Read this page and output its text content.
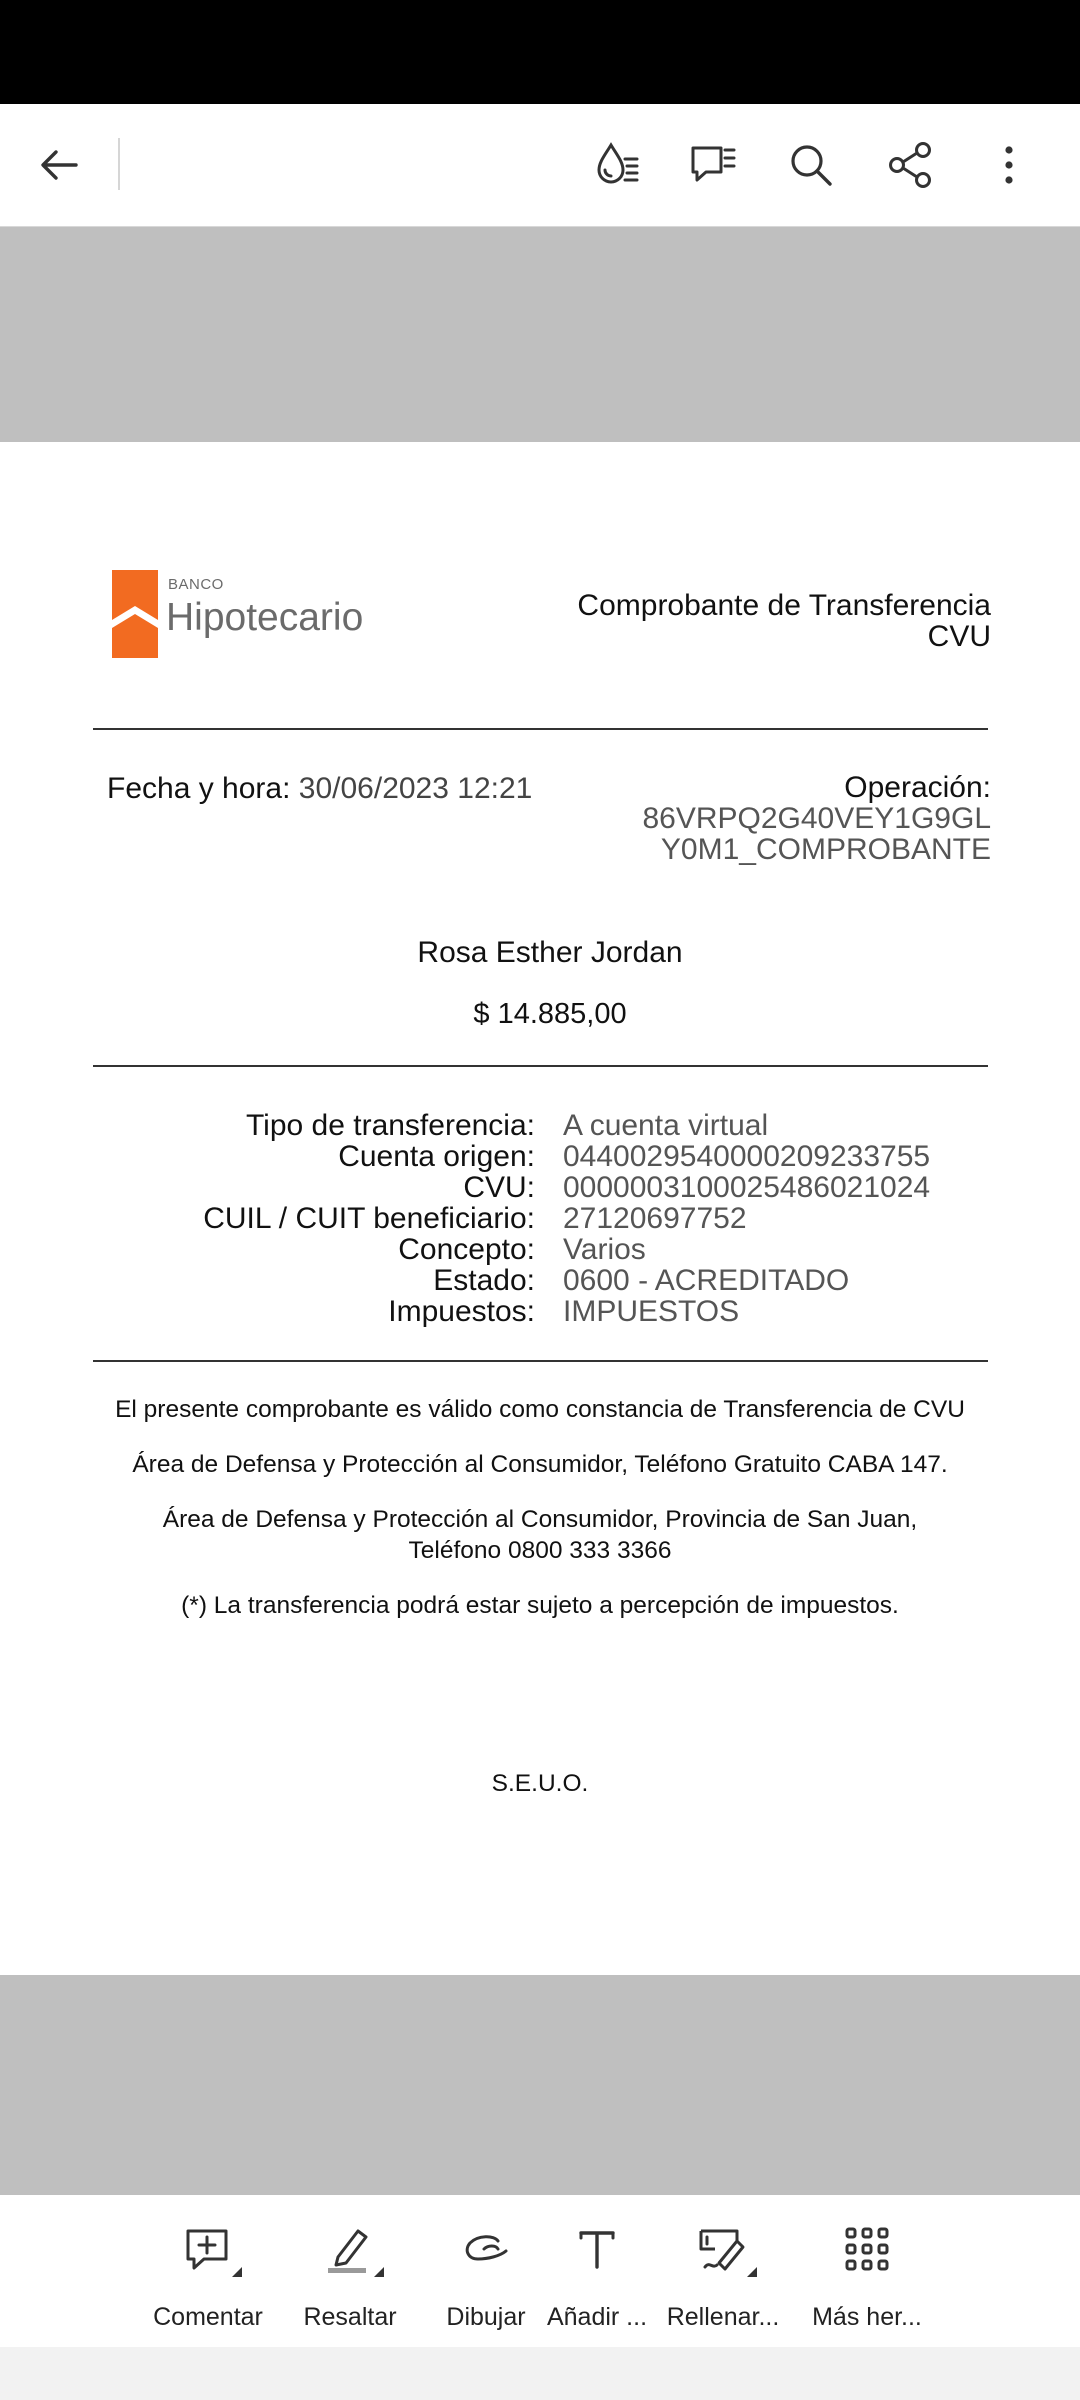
BANCO
Hipotecario	Comprobante de Transferencia
CVU
Fecha y hora: 30/06/2023 12:21	Operación:
86VRPQ2G40VEY1G9GL
Y0M1_COMPROBANTE
Rosa Esther Jordan
$ 14.885,00
Tipo de transferencia: A cuenta virtual
Cuenta origen: 0440029540000209233755
CVU: 0000003100025486021024
CUIL / CUIT beneficiario: 27120697752
Concepto: Varios
Estado: 0600 - ACREDITADO
Impuestos: IMPUESTOS
El presente comprobante es válido como constancia de Transferencia de CVU
Área de Defensa y Protección al Consumidor, Teléfono Gratuito CABA 147.
Área de Defensa y Protección al Consumidor, Provincia de San Juan,
Teléfono 0800 333 3366
(*) La transferencia podrá estar sujeto a percepción de impuestos.
S.E.U.O.
Comentar	Resaltar	Dibujar Añadir ... Rellenar...	Más her...
